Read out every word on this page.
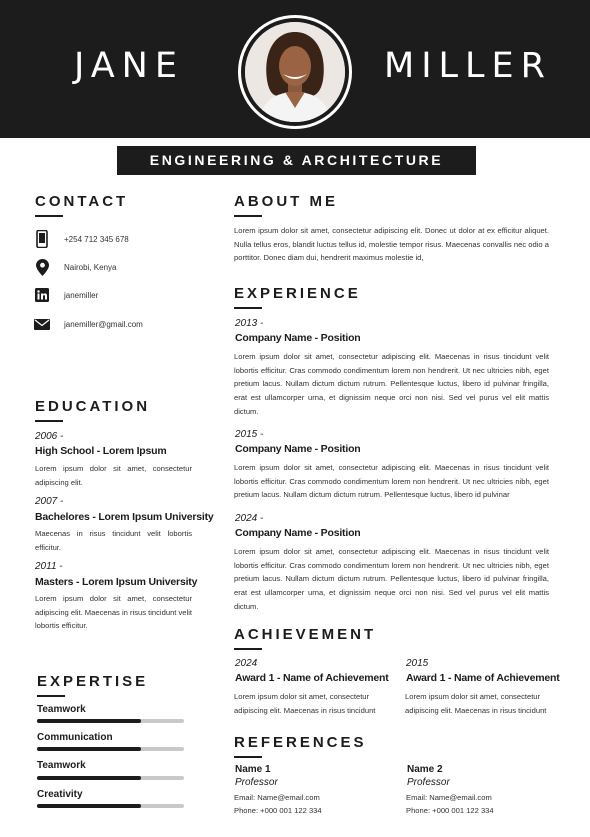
JANE	MILLER
ENGINEERING & ARCHITECTURE
CONTACT
+254 712 345 678
Nairobi, Kenya
janemiller
janemiller@gmail.com
EDUCATION
2006 -
High School - Lorem Ipsum
Lorem ipsum dolor sit amet, consectetur adipiscing elit.
2007 -
Bachelores - Lorem Ipsum University
Maecenas in risus tincidunt velit lobortis efficitur.
2011 -
Masters - Lorem Ipsum University
Lorem ipsum dolor sit amet, consectetur adipiscing elit. Maecenas in risus tincidunt velit lobortis efficitur.
EXPERTISE
Teamwork
Communication
Teamwork
Creativity
ABOUT ME
Lorem ipsum dolor sit amet, consectetur adipiscing elit. Donec ut dolor at ex efficitur aliquet. Nulla tellus eros, blandit luctus tellus id, molestie tempor risus. Maecenas convallis nec odio a porttitor. Donec diam dui, hendrerit maximus molestie id,
EXPERIENCE
2013 -
Company Name - Position
Lorem ipsum dolor sit amet, consectetur adipiscing elit. Maecenas in risus tincidunt velit lobortis efficitur. Cras commodo condimentum lorem non hendrerit. Ut nec ultricies nibh, eget pretium lacus. Nullam dictum dictum rutrum. Pellentesque luctus, libero id pulvinar fringilla, erat est ullamcorper urna, et dignissim neque orci non nisi. Sed vel purus vel elit mattis dictum.
2015 -
Company Name - Position
Lorem ipsum dolor sit amet, consectetur adipiscing elit. Maecenas in risus tincidunt velit lobortis efficitur. Cras commodo condimentum lorem non hendrerit. Ut nec ultricies nibh, eget pretium lacus. Nullam dictum dictum rutrum. Pellentesque luctus, libero id pulvinar
2024 -
Company Name - Position
Lorem ipsum dolor sit amet, consectetur adipiscing elit. Maecenas in risus tincidunt velit lobortis efficitur. Cras commodo condimentum lorem non hendrerit. Ut nec ultricies nibh, eget pretium lacus. Nullam dictum dictum rutrum. Pellentesque luctus, libero id pulvinar fringilla, erat est ullamcorper urna, et dignissim neque orci non nisi. Sed vel purus vel elit mattis dictum.
ACHIEVEMENT
2024
Award 1 - Name of Achievement
Lorem ipsum dolor sit amet, consectetur adipiscing elit. Maecenas in risus tincidunt
2015
Award 1 - Name of Achievement
Lorem ipsum dolor sit amet, consectetur adipiscing elit. Maecenas in risus tincidunt
REFERENCES
Name 1
Professor
Email: Name@email.com
Phone: +000 001 122 334
Name 2
Professor
Email: Name@email.com
Phone: +000 001 122 334
